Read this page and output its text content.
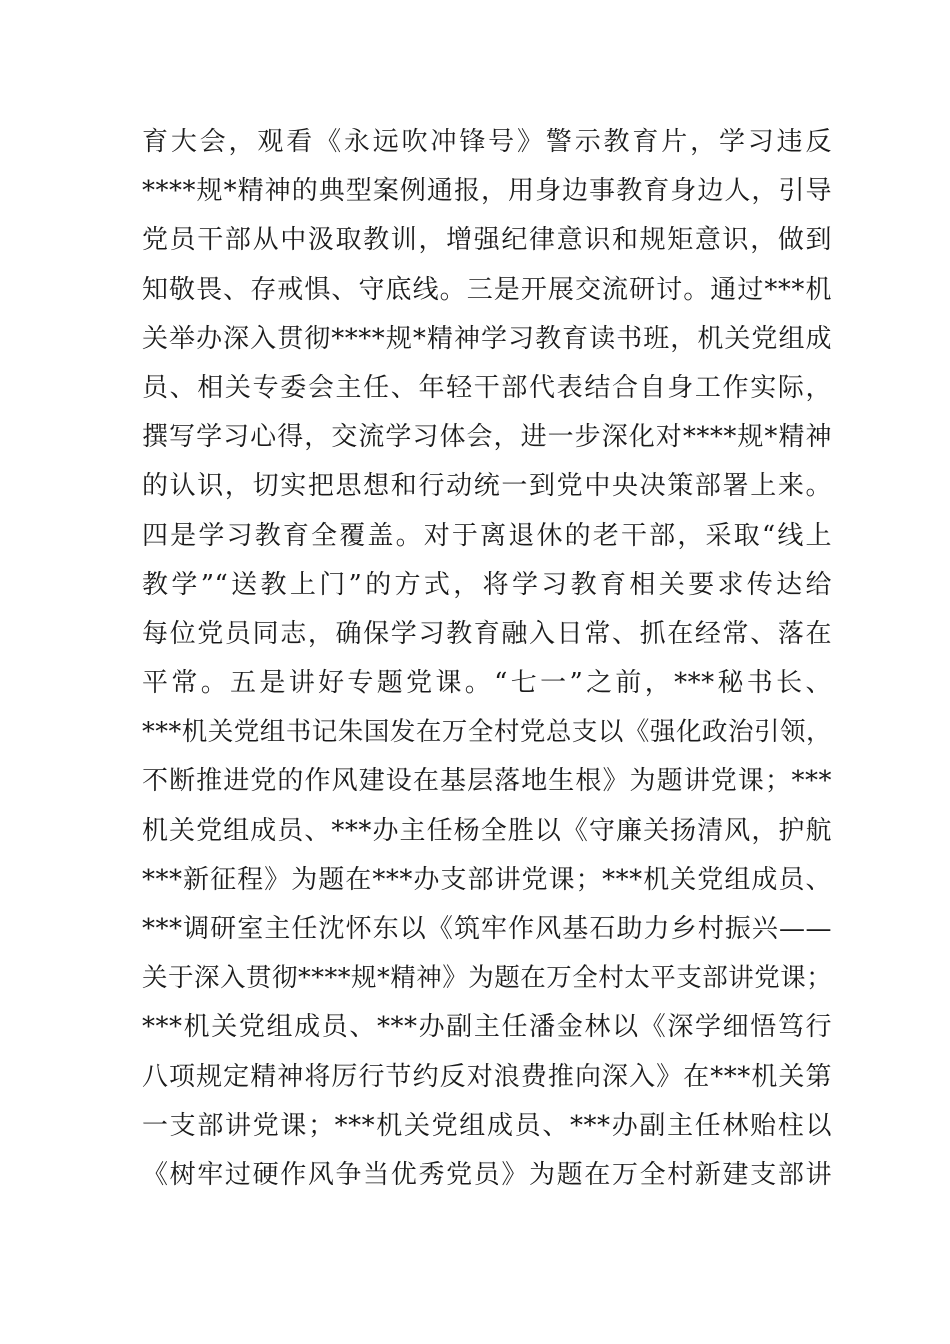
育大会，观看《永远吹冲锋号》警示教育片，学习违反
****规*精神的典型案例通报，用身边事教育身边人，引导
党员干部从中汲取教训，增强纪律意识和规矩意识，做到
知敬畏、存戒惧、守底线。三是开展交流研讨。通过***机
关举办深入贯彻****规*精神学习教育读书班，机关党组成
员、相关专委会主任、年轻干部代表结合自身工作实际，
撰写学习心得，交流学习体会，进一步深化对****规*精神
的认识，切实把思想和行动统一到党中央决策部署上来。
四是学习教育全覆盖。对于离退休的老干部，采取“线上
教学”“送教上门”的方式，将学习教育相关要求传达给
每位党员同志，确保学习教育融入日常、抓在经常、落在
平常。五是讲好专题党课。“七一”之前，***秘书长、
***机关党组书记朱国发在万全村党总支以《强化政治引领，
不断推进党的作风建设在基层落地生根》为题讲党课；***
机关党组成员、***办主任杨全胜以《守廉关扬清风，护航
***新征程》为题在***办支部讲党课；***机关党组成员、
***调研室主任沈怀东以《筑牢作风基石助力乡村振兴——
关于深入贯彻****规*精神》为题在万全村太平支部讲党课；
***机关党组成员、***办副主任潘金林以《深学细悟笃行
八项规定精神将厉行节约反对浪费推向深入》在***机关第
一支部讲党课；***机关党组成员、***办副主任林贻柱以
《树牢过硬作风争当优秀党员》为题在万全村新建支部讲
